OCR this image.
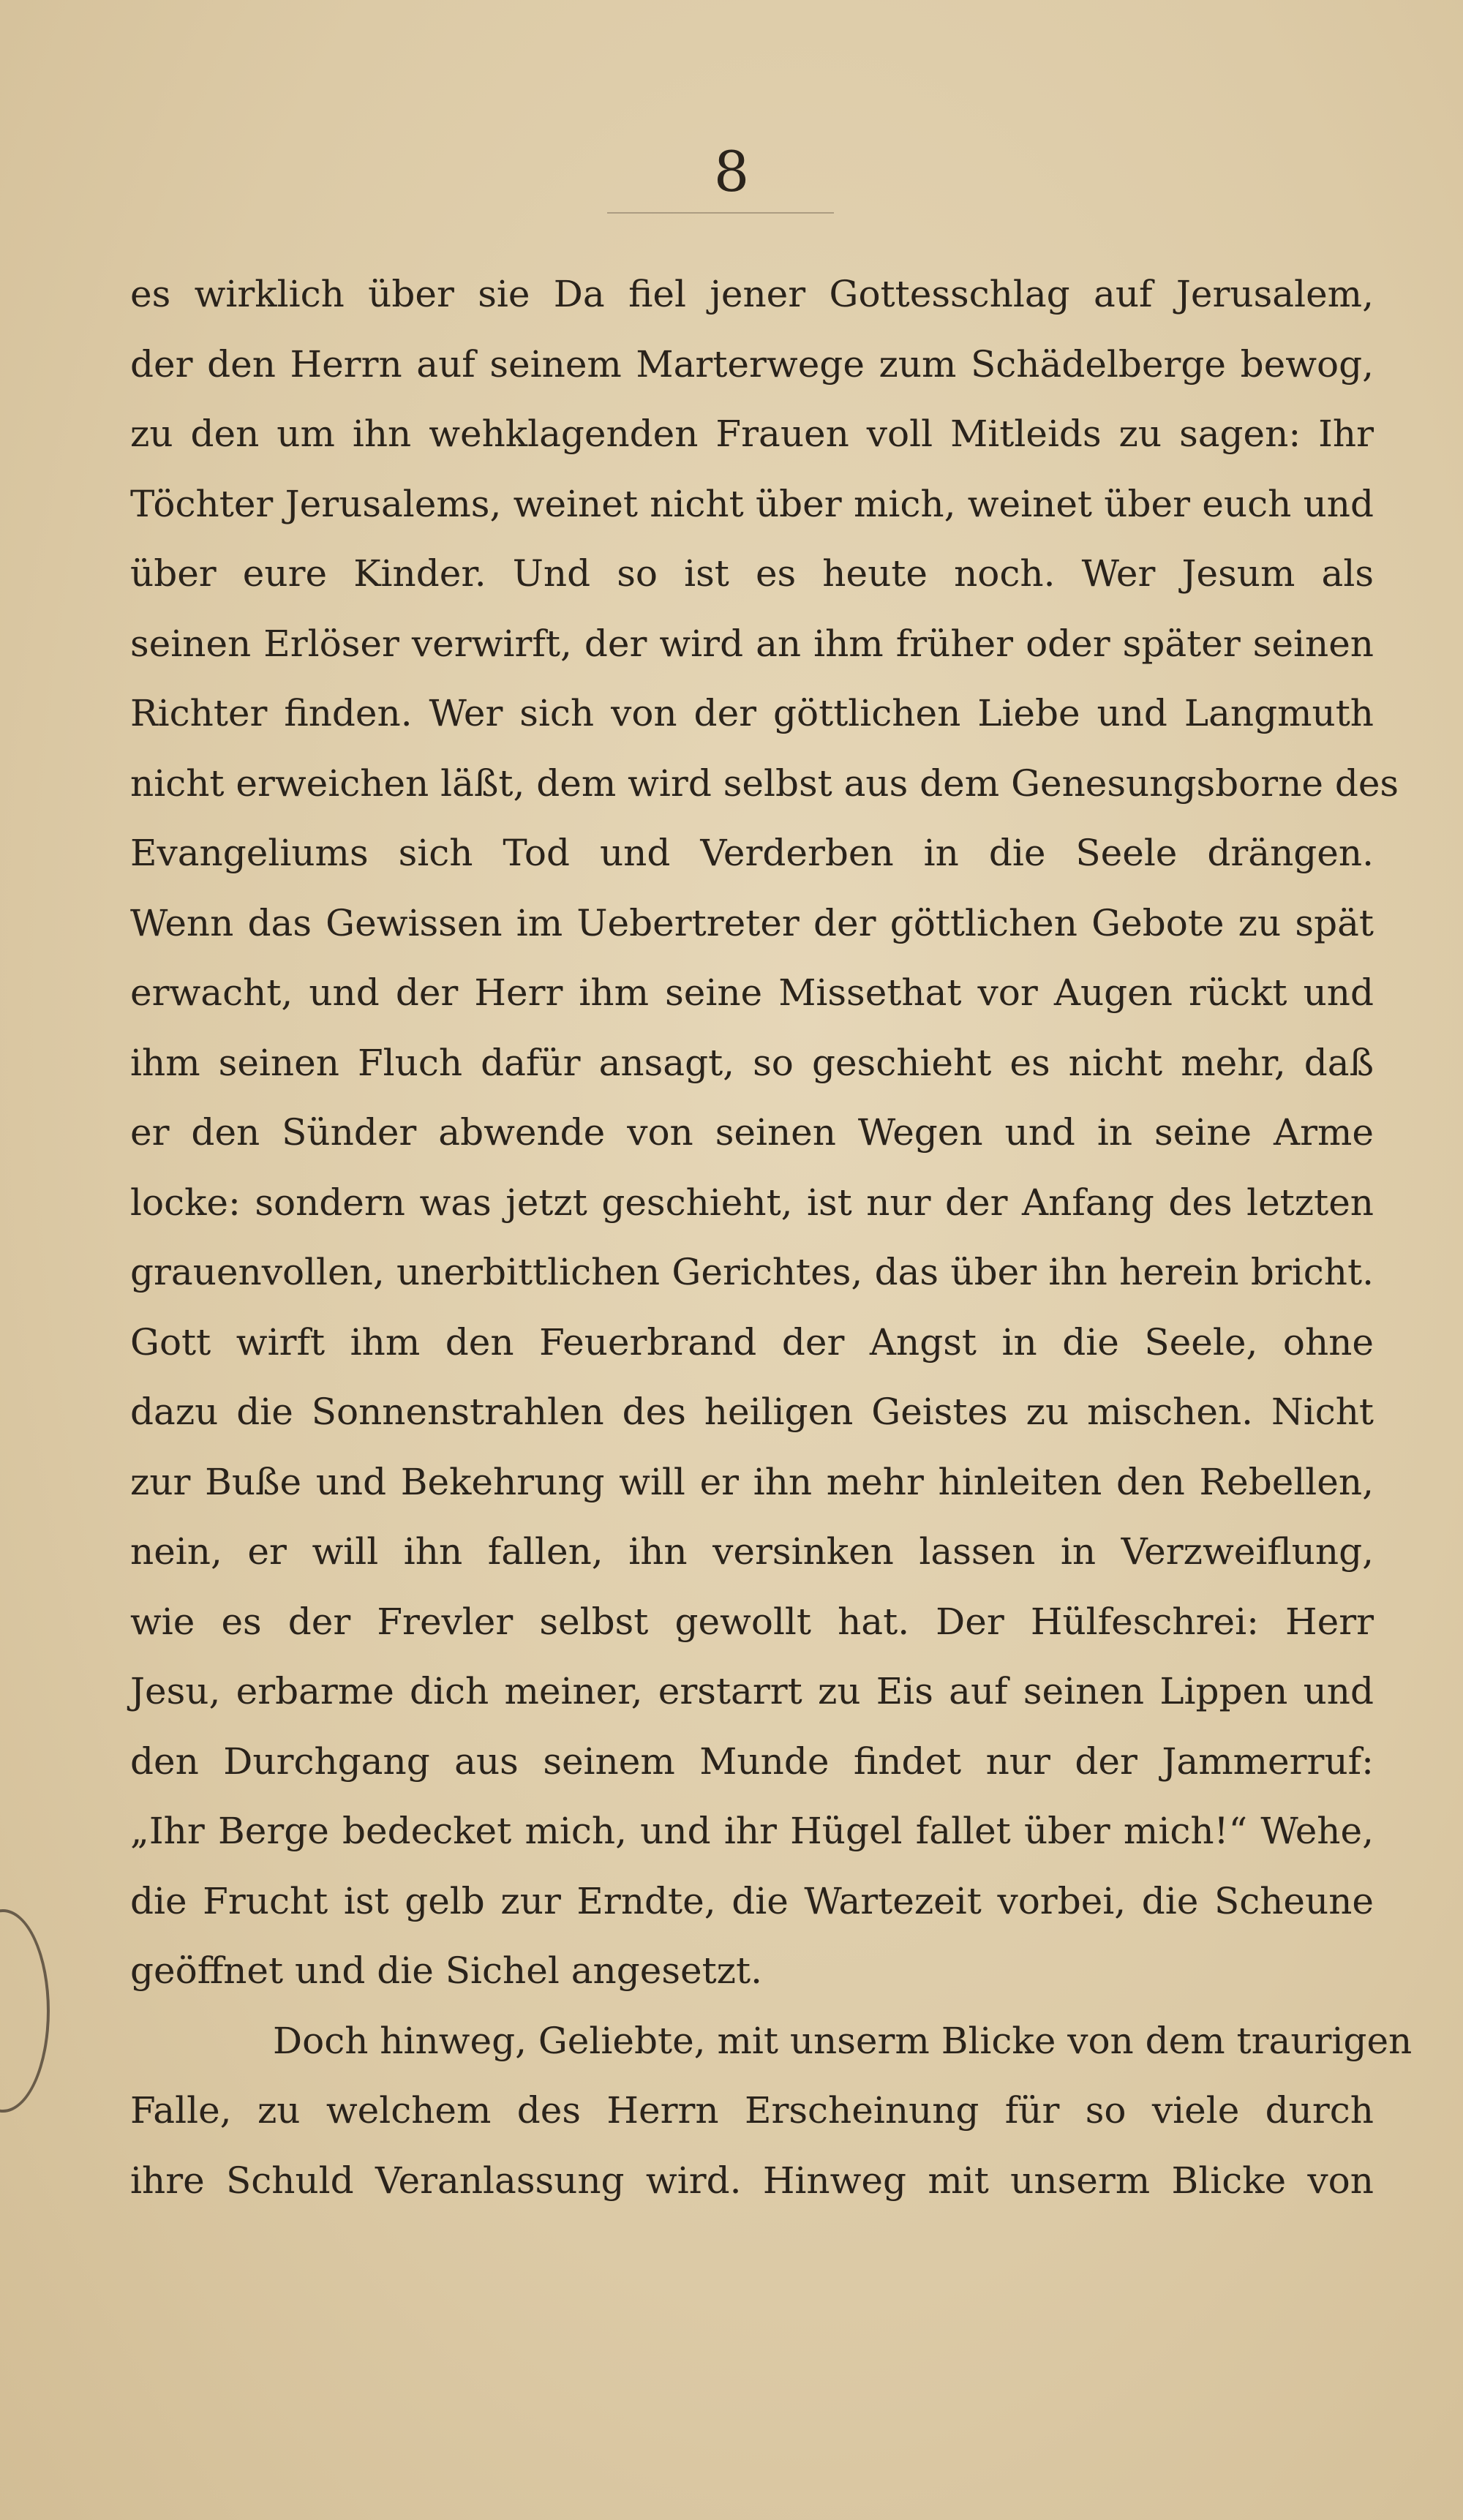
8
es wirklich über sie Da fiel jener Gottesschlag auf Jerusalem,
der den Herrn auf seinem Marterwege zum Schädelberge bewog,
zu den um ihn wehklagenden Frauen voll Mitleids zu sagen: Ihr
Töchter Jerusalems, weinet nicht über mich, weinet über euch und
über eure Kinder. Und so ist es heute noch. Wer Jesum als
seinen Erlöser verwirft, der wird an ihm früher oder später seinen
Richter finden. Wer sich von der göttlichen Liebe und Langmuth
nicht erweichen läßt, dem wird selbst aus dem Genesungsborne des
Evangeliums sich Tod und Verderben in die Seele drängen.
Wenn das Gewissen im Uebertreter der göttlichen Gebote zu spät
erwacht, und der Herr ihm seine Missethat vor Augen rückt und
ihm seinen Fluch dafür ansagt, so geschieht es nicht mehr, daß
er den Sünder abwende von seinen Wegen und in seine Arme
locke: sondern was jetzt geschieht, ist nur der Anfang des letzten
grauenvollen, unerbittlichen Gerichtes, das über ihn herein bricht.
Gott wirft ihm den Feuerbrand der Angst in die Seele, ohne
dazu die Sonnenstrahlen des heiligen Geistes zu mischen. Nicht
zur Buße und Bekehrung will er ihn mehr hinleiten den Rebellen,
nein, er will ihn fallen, ihn versinken lassen in Verzweiflung,
wie es der Frevler selbst gewollt hat. Der Hülfeschrei: Herr
Jesu, erbarme dich meiner, erstarrt zu Eis auf seinen Lippen und
den Durchgang aus seinem Munde findet nur der Jammerruf:
„Ihr Berge bedecket mich, und ihr Hügel fallet über mich!“ Wehe,
die Frucht ist gelb zur Erndte, die Wartezeit vorbei, die Scheune
geöffnet und die Sichel angesetzt.
Doch hinweg, Geliebte, mit unserm Blicke von dem traurigen
Falle, zu welchem des Herrn Erscheinung für so viele durch
ihre Schuld Veranlassung wird. Hinweg mit unserm Blicke von
